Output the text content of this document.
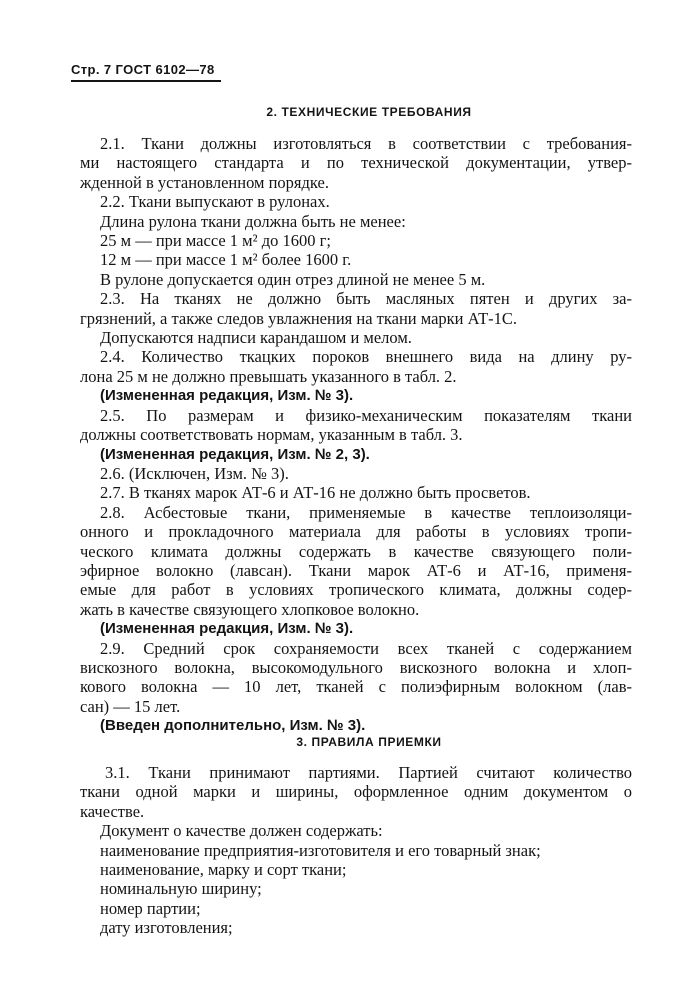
Стр. 7 ГОСТ 6102—78
2. ТЕХНИЧЕСКИЕ ТРЕБОВАНИЯ
2.1. Ткани должны изготовляться в соответствии с требования-
ми настоящего стандарта и по технической документации, утвер-
жденной в установленном порядке.
2.2. Ткани выпускают в рулонах.
Длина рулона ткани должна быть не менее:
25 м — при массе 1 м² до 1600 г;
12 м — при массе 1 м² более 1600 г.
В рулоне допускается один отрез длиной не менее 5 м.
2.3. На тканях не должно быть масляных пятен и других за-
грязнений, а также следов увлажнения на ткани марки АТ-1С.
Допускаются надписи карандашом и мелом.
2.4. Количество ткацких пороков внешнего вида на длину ру-
лона 25 м не должно превышать указанного в табл. 2.
(Измененная редакция, Изм. № 3).
2.5. По размерам и физико-механическим показателям ткани
должны соответствовать нормам, указанным в табл. 3.
(Измененная редакция, Изм. № 2, 3).
2.6. (Исключен, Изм. № 3).
2.7. В тканях марок АТ-6 и АТ-16 не должно быть просветов.
2.8. Асбестовые ткани, применяемые в качестве теплоизоляци-
онного и прокладочного материала для работы в условиях тропи-
ческого климата должны содержать в качестве связующего поли-
эфирное волокно (лавсан). Ткани марок АТ-6 и АТ-16, применя-
емые для работ в условиях тропического климата, должны содер-
жать в качестве связующего хлопковое волокно.
(Измененная редакция, Изм. № 3).
2.9. Средний срок сохраняемости всех тканей с содержанием
вискозного волокна, высокомодульного вискозного волокна и хлоп-
кового волокна — 10 лет, тканей с полиэфирным волокном (лав-
сан) — 15 лет.
(Введен дополнительно, Изм. № 3).
3. ПРАВИЛА ПРИЕМКИ
3.1. Ткани принимают партиями. Партией считают количество
ткани одной марки и ширины, оформленное одним документом о
качестве.
Документ о качестве должен содержать:
наименование предприятия-изготовителя и его товарный знак;
наименование, марку и сорт ткани;
номинальную ширину;
номер партии;
дату изготовления;
